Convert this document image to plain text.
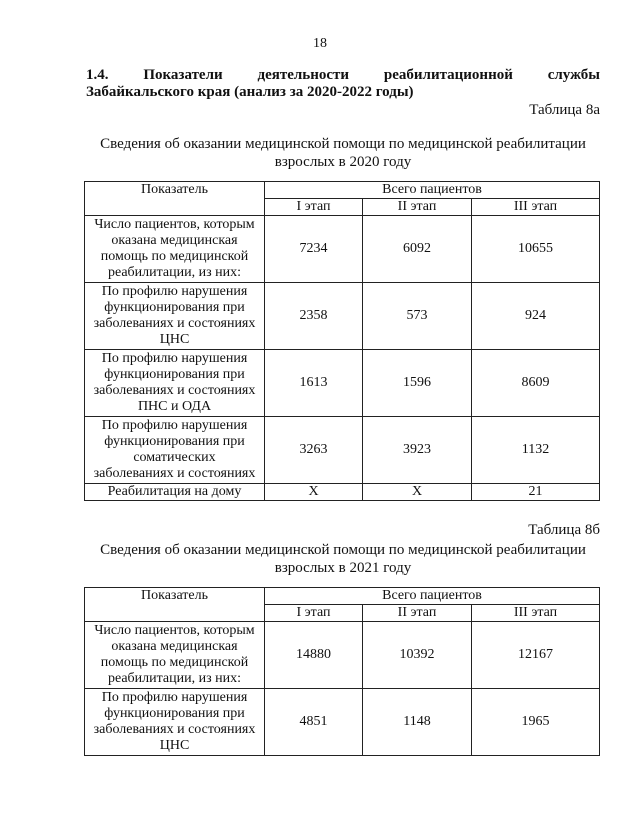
18
1.4. Показатели деятельности реабилитационной службы
Забайкальского края (анализ за 2020-2022 годы)
Таблица 8а
Сведения об оказании медицинской помощи по медицинской реабилитации
взрослых в 2020 году
Показатель	Всего пациентов		
	I этап	II этап	III этап

Число пациентов, которым
оказана медицинская
помощь по медицинской
реабилитации, из них:	7234	6092	10655

По профилю нарушения
функционирования при
заболеваниях и состояниях
ЦНС	2358	573	924

По профилю нарушения
функционирования при
заболеваниях и состояниях
ПНС и ОДА	1613	1596	8609

По профилю нарушения
функционирования при
соматических
заболеваниях и состояниях	3263	3923	1132

Реабилитация на дому	X	X	21
Таблица 8б
Сведения об оказании медицинской помощи по медицинской реабилитации
взрослых в 2021 году
Показатель	Всего пациентов		
	I этап	II этап	III этап

Число пациентов, которым
оказана медицинская
помощь по медицинской
реабилитации, из них:	14880	10392	12167

По профилю нарушения
функционирования при
заболеваниях и состояниях
ЦНС	4851	1148	1965
